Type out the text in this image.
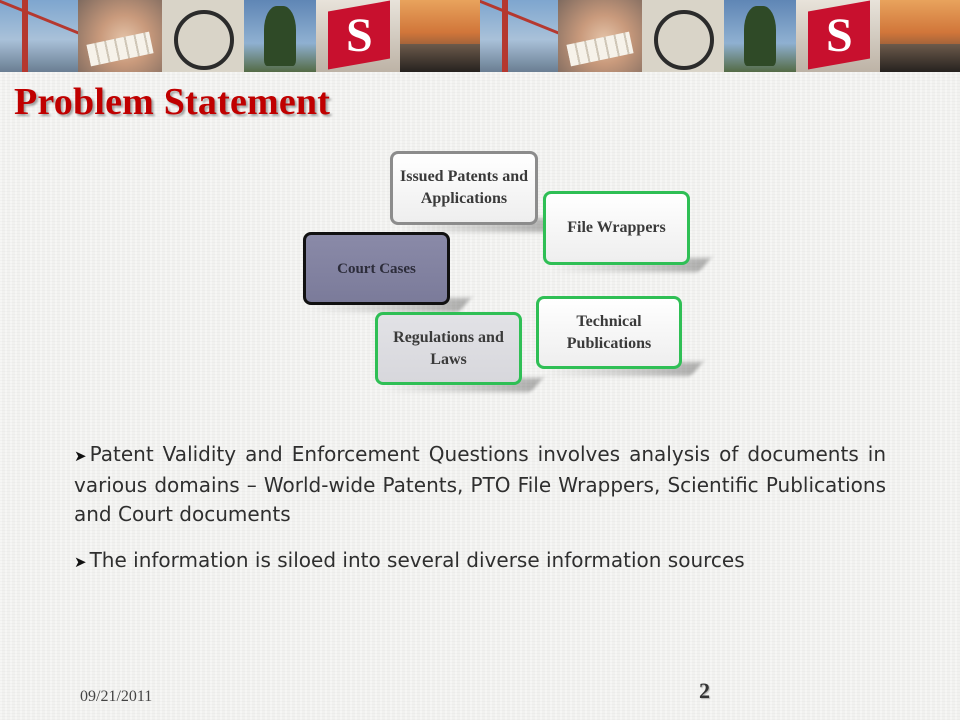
S
S
Problem Statement
Issued Patents and Applications
File Wrappers
Court Cases
Technical Publications
Regulations and Laws

➤ Patent Validity and Enforcement Questions involves analysis of documents in various domains – World-wide Patents, PTO File Wrappers, Scientific Publications and Court documents

➤ The information is siloed into several diverse information sources

09/21/2011	2
